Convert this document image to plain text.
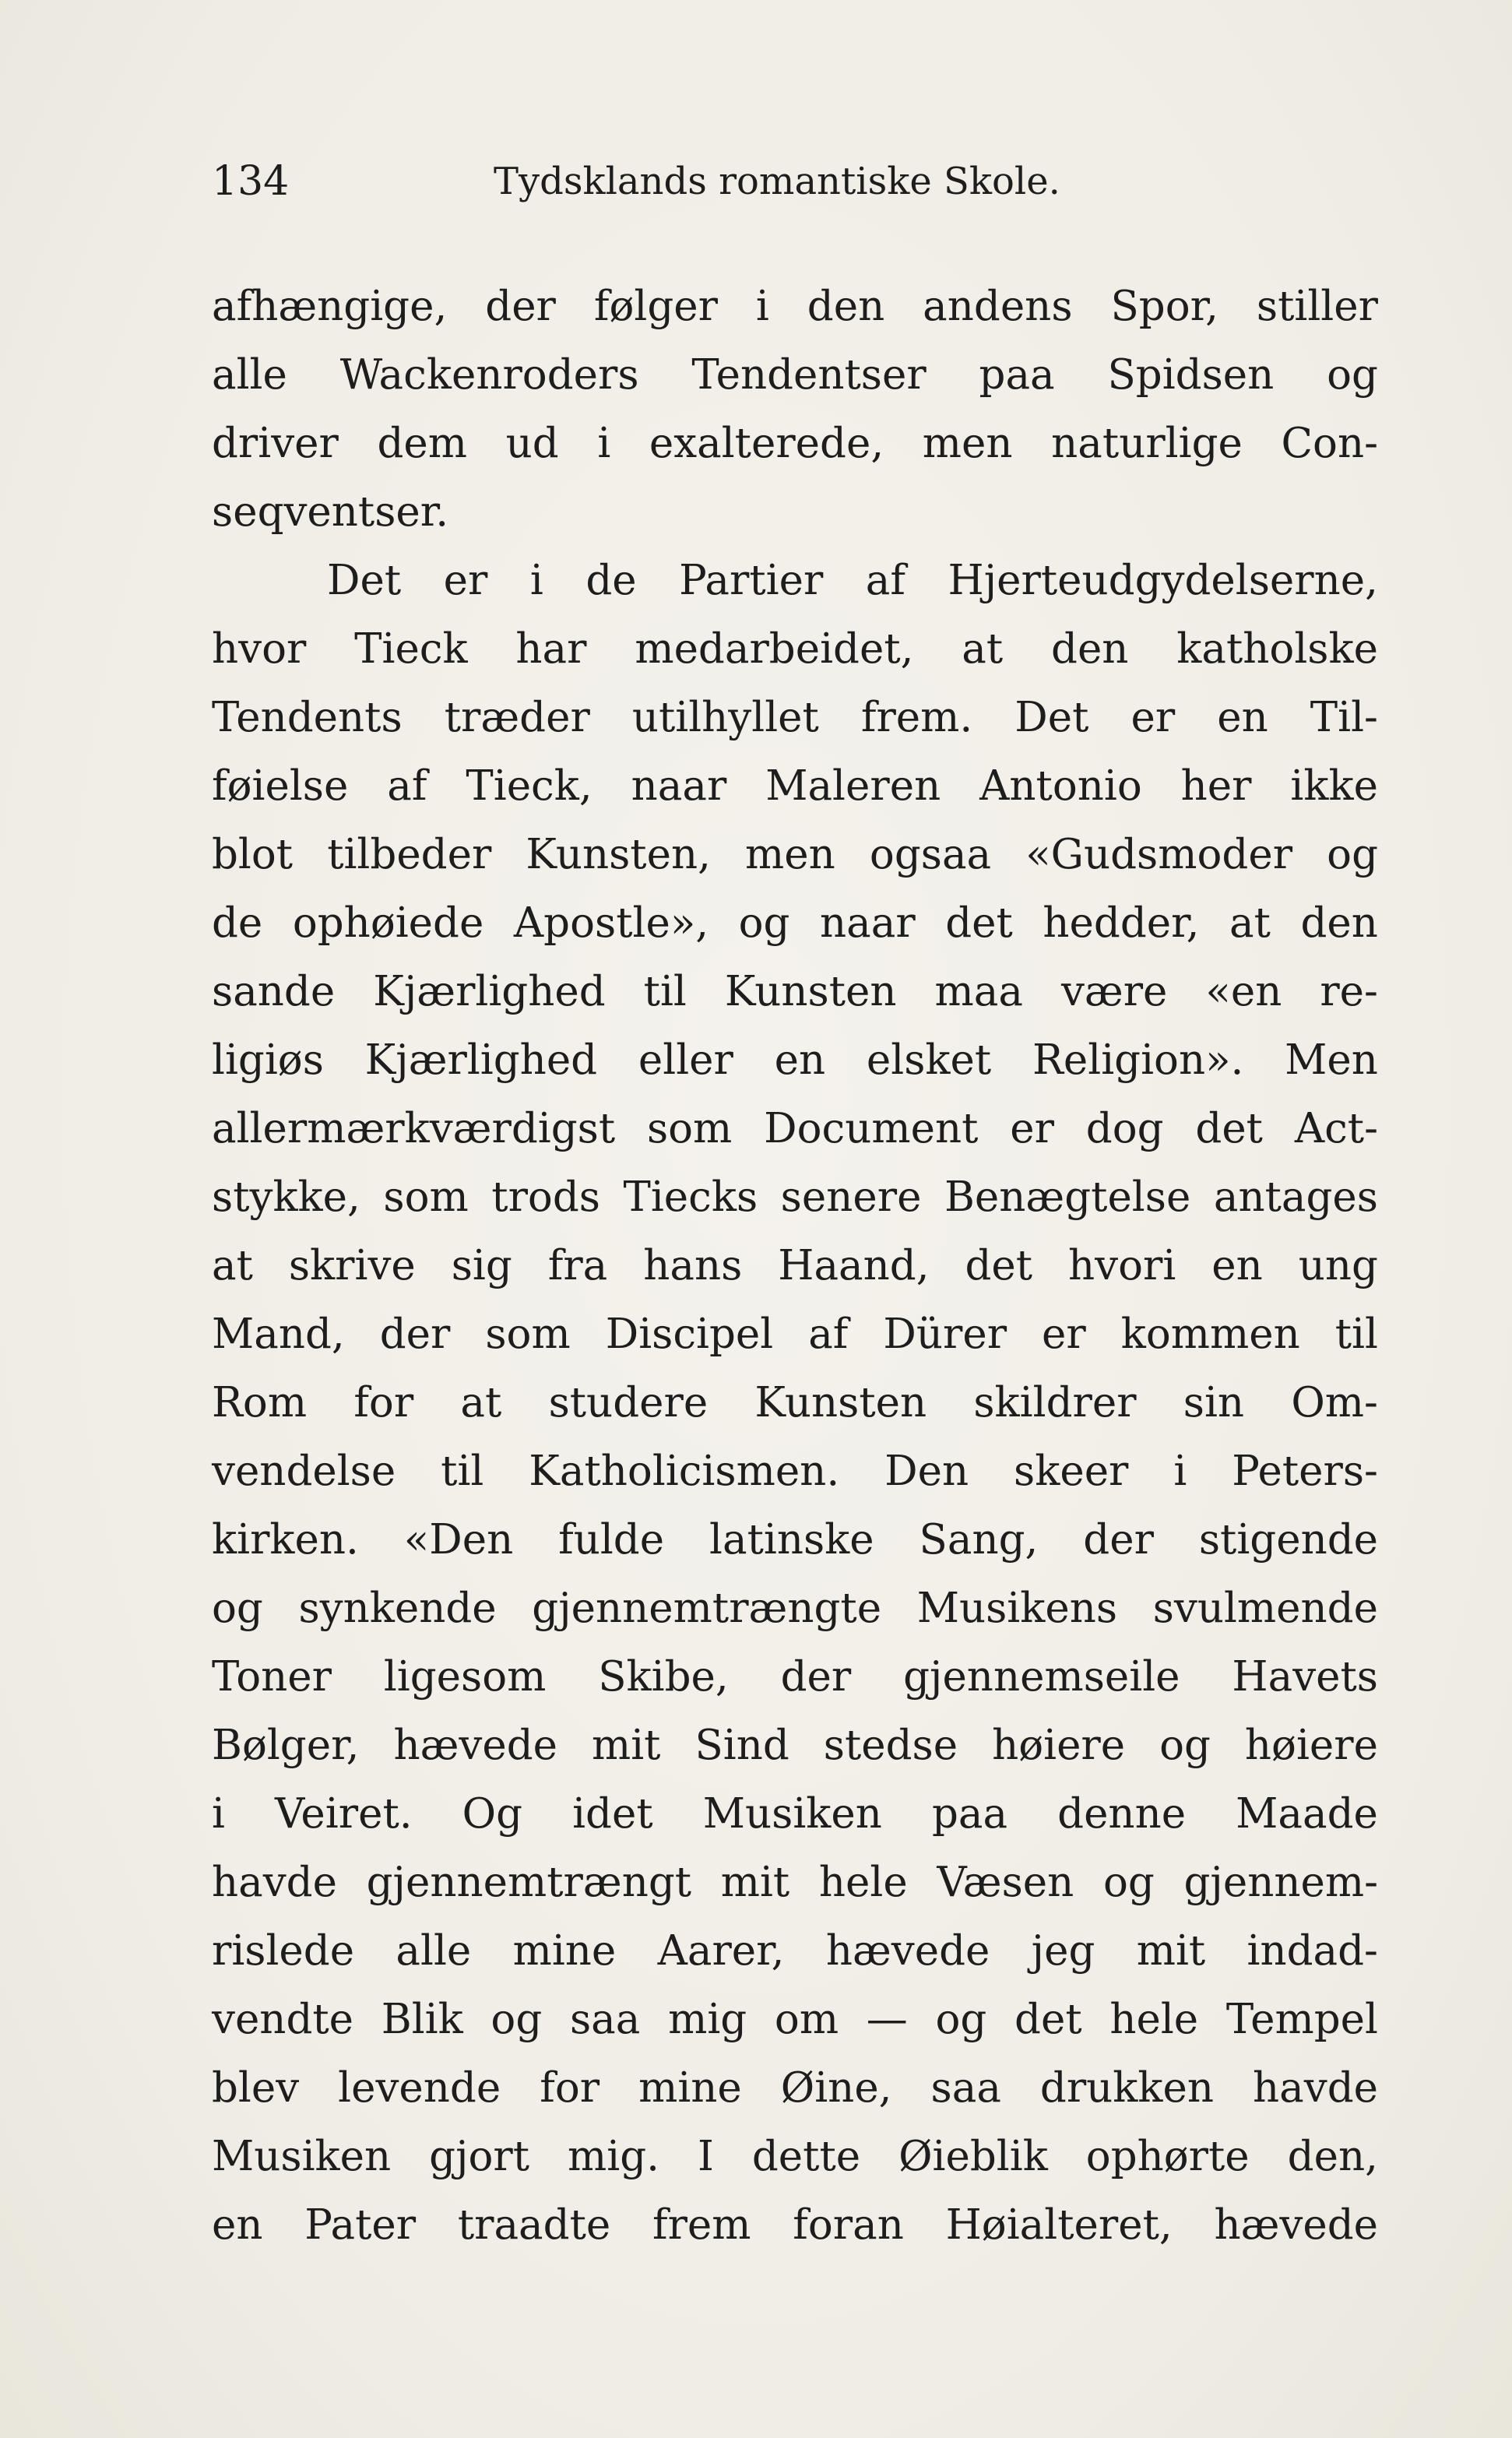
134	Tydsklands romantiske Skole.
afhængige, der følger i den andens Spor, stiller
alle Wackenroders Tendentser paa Spidsen og
driver dem ud i exalterede, men naturlige Con-
seqventser.
Det er i de Partier af Hjerteudgydelserne,
hvor Tieck har medarbeidet, at den katholske
Tendents træder utilhyllet frem. Det er en Til-
føielse af Tieck, naar Maleren Antonio her ikke
blot tilbeder Kunsten, men ogsaa «Gudsmoder og
de ophøiede Apostle», og naar det hedder, at den
sande Kjærlighed til Kunsten maa være «en re-
ligiøs Kjærlighed eller en elsket Religion». Men
allermærkværdigst som Document er dog det Act-
stykke, som trods Tiecks senere Benægtelse antages
at skrive sig fra hans Haand, det hvori en ung
Mand, der som Discipel af Dürer er kommen til
Rom for at studere Kunsten skildrer sin Om-
vendelse til Katholicismen. Den skeer i Peters-
kirken. «Den fulde latinske Sang, der stigende
og synkende gjennemtrængte Musikens svulmende
Toner ligesom Skibe, der gjennemseile Havets
Bølger, hævede mit Sind stedse høiere og høiere
i Veiret. Og idet Musiken paa denne Maade
havde gjennemtrængt mit hele Væsen og gjennem-
rislede alle mine Aarer, hævede jeg mit indad-
vendte Blik og saa mig om — og det hele Tempel
blev levende for mine Øine, saa drukken havde
Musiken gjort mig. I dette Øieblik ophørte den,
en Pater traadte frem foran Høialteret, hævede
